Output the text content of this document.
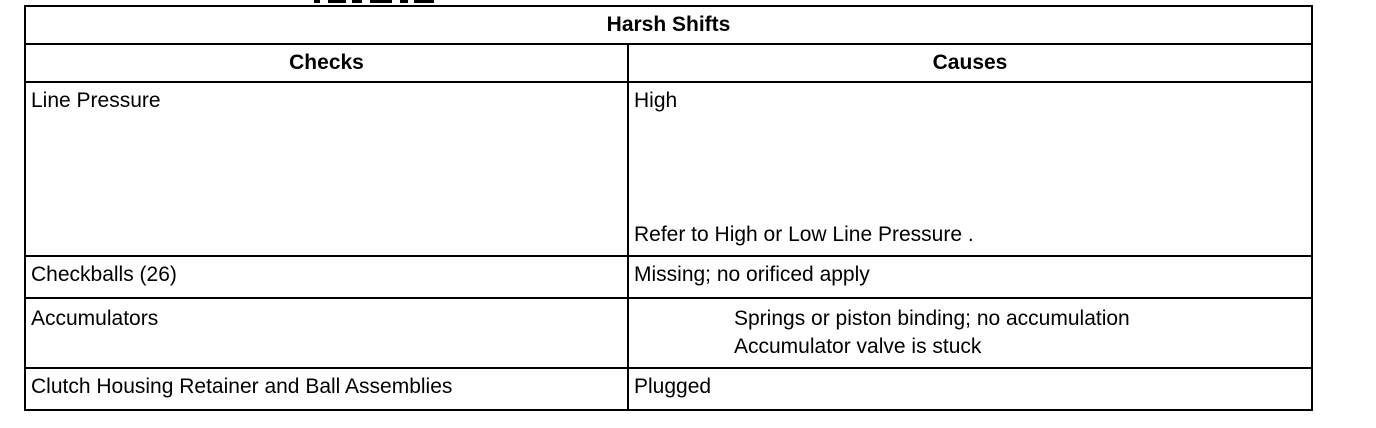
Harsh Shifts	
Checks	Causes
Line Pressure	High
Refer to High or Low Line Pressure .

Checkballs (26)	Missing; no orificed apply
Accumulators	Springs or piston binding; no accumulation
Accumulator valve is stuck

Clutch Housing Retainer and Ball Assemblies	Plugged
